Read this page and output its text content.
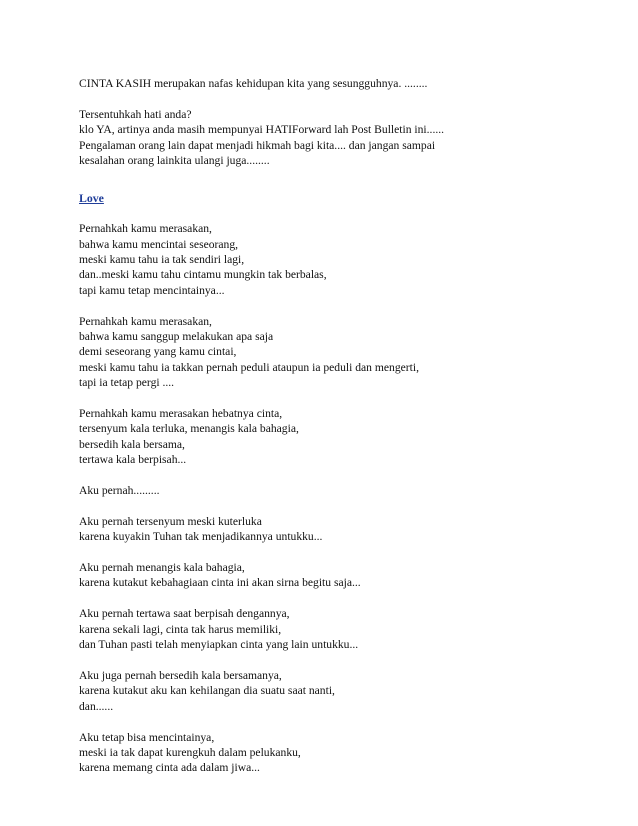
CINTA KASIH merupakan nafas kehidupan kita yang sesungguhnya. ........
Tersentuhkah hati anda?
klo YA, artinya anda masih mempunyai HATIForward lah Post Bulletin ini......
Pengalaman orang lain dapat menjadi hikmah bagi kita.... dan jangan sampai
kesalahan orang lainkita ulangi juga........
Love
Pernahkah kamu merasakan,
bahwa kamu mencintai seseorang,
meski kamu tahu ia tak sendiri lagi,
dan..meski kamu tahu cintamu mungkin tak berbalas,
tapi kamu tetap mencintainya...
Pernahkah kamu merasakan,
bahwa kamu sanggup melakukan apa saja
demi seseorang yang kamu cintai,
meski kamu tahu ia takkan pernah peduli ataupun ia peduli dan mengerti,
tapi ia tetap pergi ....
Pernahkah kamu merasakan hebatnya cinta,
tersenyum kala terluka, menangis kala bahagia,
bersedih kala bersama,
tertawa kala berpisah...
Aku pernah.........
Aku pernah tersenyum meski kuterluka
karena kuyakin Tuhan tak menjadikannya untukku...
Aku pernah menangis kala bahagia,
karena kutakut kebahagiaan cinta ini akan sirna begitu saja...
Aku pernah tertawa saat berpisah dengannya,
karena sekali lagi, cinta tak harus memiliki,
dan Tuhan pasti telah menyiapkan cinta yang lain untukku...
Aku juga pernah bersedih kala bersamanya,
karena kutakut aku kan kehilangan dia suatu saat nanti,
dan......
Aku tetap bisa mencintainya,
meski ia tak dapat kurengkuh dalam pelukanku,
karena memang cinta ada dalam jiwa...
